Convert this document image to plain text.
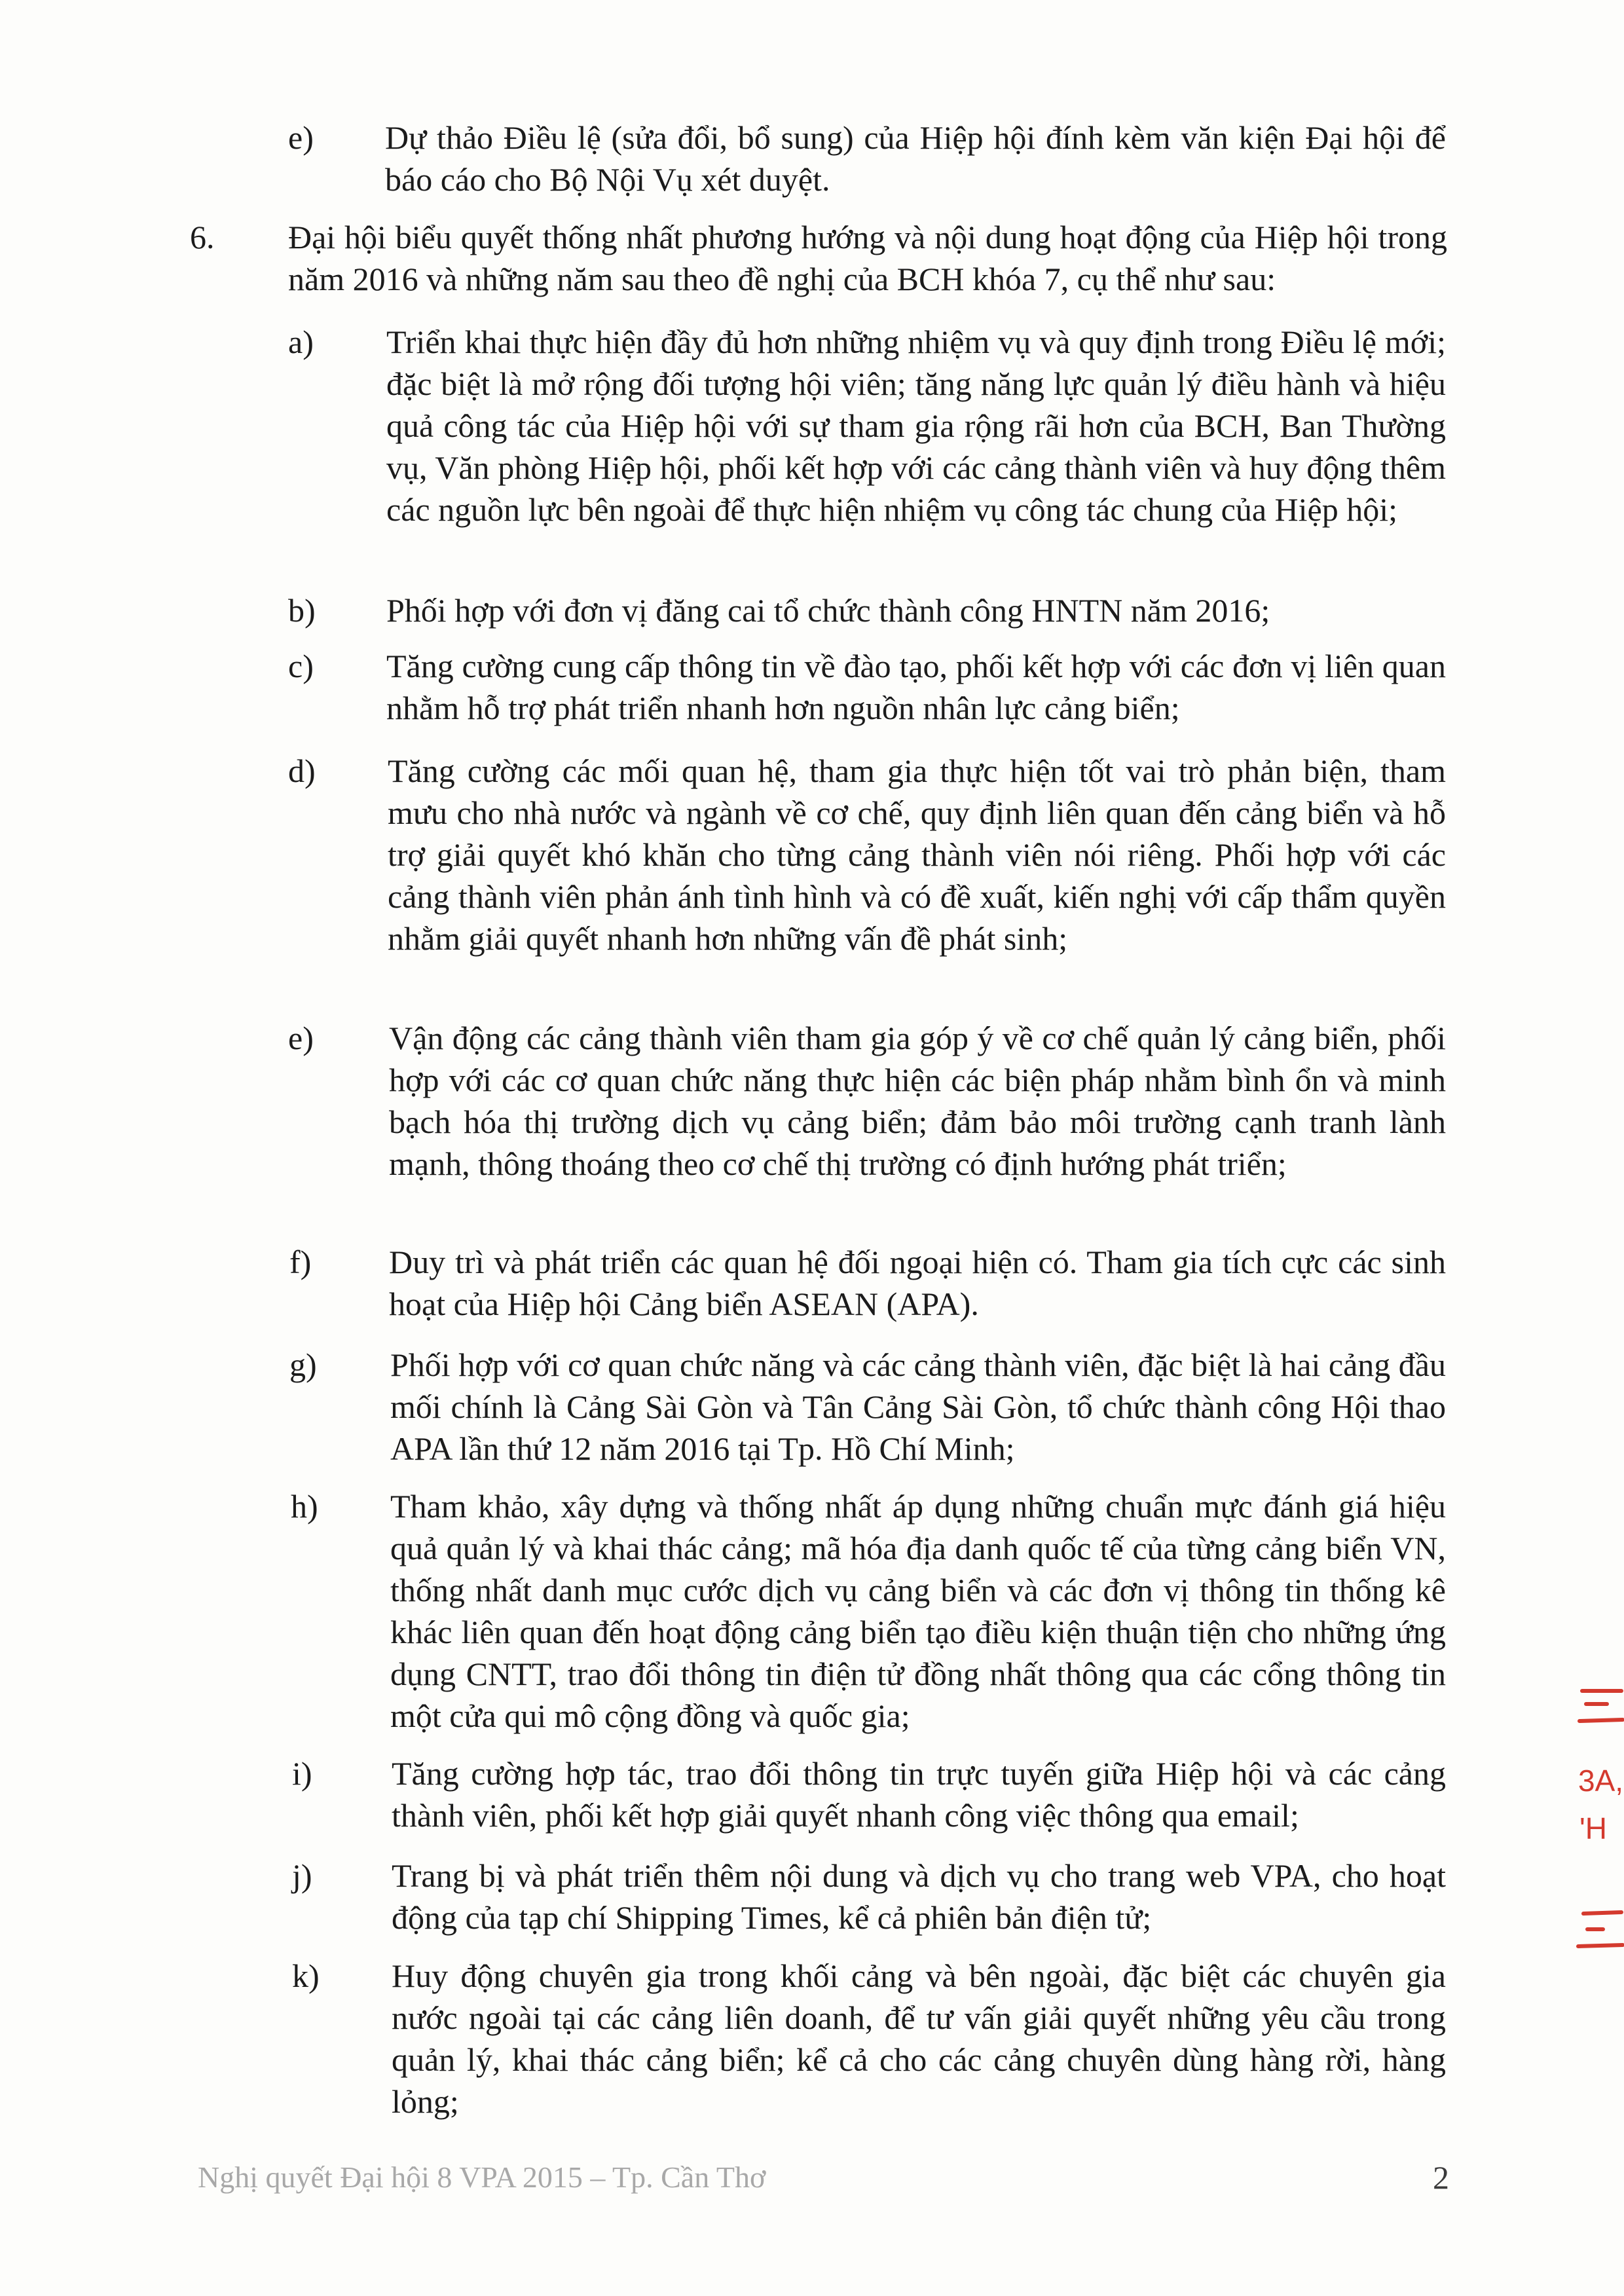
e) Dự thảo Điều lệ (sửa đổi, bổ sung) của Hiệp hội đính kèm văn kiện Đại hội để báo cáo cho Bộ Nội Vụ xét duyệt.
6. Đại hội biểu quyết thống nhất phương hướng và nội dung hoạt động của Hiệp hội trong năm 2016 và những năm sau theo đề nghị của BCH khóa 7, cụ thể như sau:
a) Triển khai thực hiện đầy đủ hơn những nhiệm vụ và quy định trong Điều lệ mới; đặc biệt là mở rộng đối tượng hội viên; tăng năng lực quản lý điều hành và hiệu quả công tác của Hiệp hội với sự tham gia rộng rãi hơn của BCH, Ban Thường vụ, Văn phòng Hiệp hội, phối kết hợp với các cảng thành viên và huy động thêm các nguồn lực bên ngoài để thực hiện nhiệm vụ công tác chung của Hiệp hội;
b) Phối hợp với đơn vị đăng cai tổ chức thành công HNTN năm 2016;
c) Tăng cường cung cấp thông tin về đào tạo, phối kết hợp với các đơn vị liên quan nhằm hỗ trợ phát triển nhanh hơn nguồn nhân lực cảng biển;
d) Tăng cường các mối quan hệ, tham gia thực hiện tốt vai trò phản biện, tham mưu cho nhà nước và ngành về cơ chế, quy định liên quan đến cảng biển và hỗ trợ giải quyết khó khăn cho từng cảng thành viên nói riêng. Phối hợp với các cảng thành viên phản ánh tình hình và có đề xuất, kiến nghị với cấp thẩm quyền nhằm giải quyết nhanh hơn những vấn đề phát sinh;
e) Vận động các cảng thành viên tham gia góp ý về cơ chế quản lý cảng biển, phối hợp với các cơ quan chức năng thực hiện các biện pháp nhằm bình ổn và minh bạch hóa thị trường dịch vụ cảng biển; đảm bảo môi trường cạnh tranh lành mạnh, thông thoáng theo cơ chế thị trường có định hướng phát triển;
f) Duy trì và phát triển các quan hệ đối ngoại hiện có. Tham gia tích cực các sinh hoạt của Hiệp hội Cảng biển ASEAN (APA).
g) Phối hợp với cơ quan chức năng và các cảng thành viên, đặc biệt là hai cảng đầu mối chính là Cảng Sài Gòn và Tân Cảng Sài Gòn, tổ chức thành công Hội thao APA lần thứ 12 năm 2016 tại Tp. Hồ Chí Minh;
h) Tham khảo, xây dựng và thống nhất áp dụng những chuẩn mực đánh giá hiệu quả quản lý và khai thác cảng; mã hóa địa danh quốc tế của từng cảng biển VN, thống nhất danh mục cước dịch vụ cảng biển và các đơn vị thông tin thống kê khác liên quan đến hoạt động cảng biển tạo điều kiện thuận tiện cho những ứng dụng CNTT, trao đổi thông tin điện tử đồng nhất thông qua các cổng thông tin một cửa qui mô cộng đồng và quốc gia;
i) Tăng cường hợp tác, trao đổi thông tin trực tuyến giữa Hiệp hội và các cảng thành viên, phối kết hợp giải quyết nhanh công việc thông qua email;
j) Trang bị và phát triển thêm nội dung và dịch vụ cho trang web VPA, cho hoạt động của tạp chí Shipping Times, kể cả phiên bản điện tử;
k) Huy động chuyên gia trong khối cảng và bên ngoài, đặc biệt các chuyên gia nước ngoài tại các cảng liên doanh, để tư vấn giải quyết những yêu cầu trong quản lý, khai thác cảng biển; kể cả cho các cảng chuyên dùng hàng rời, hàng lỏng;
Nghị quyết Đại hội 8 VPA 2015 – Tp. Cần Thơ	2
3A,
'H
